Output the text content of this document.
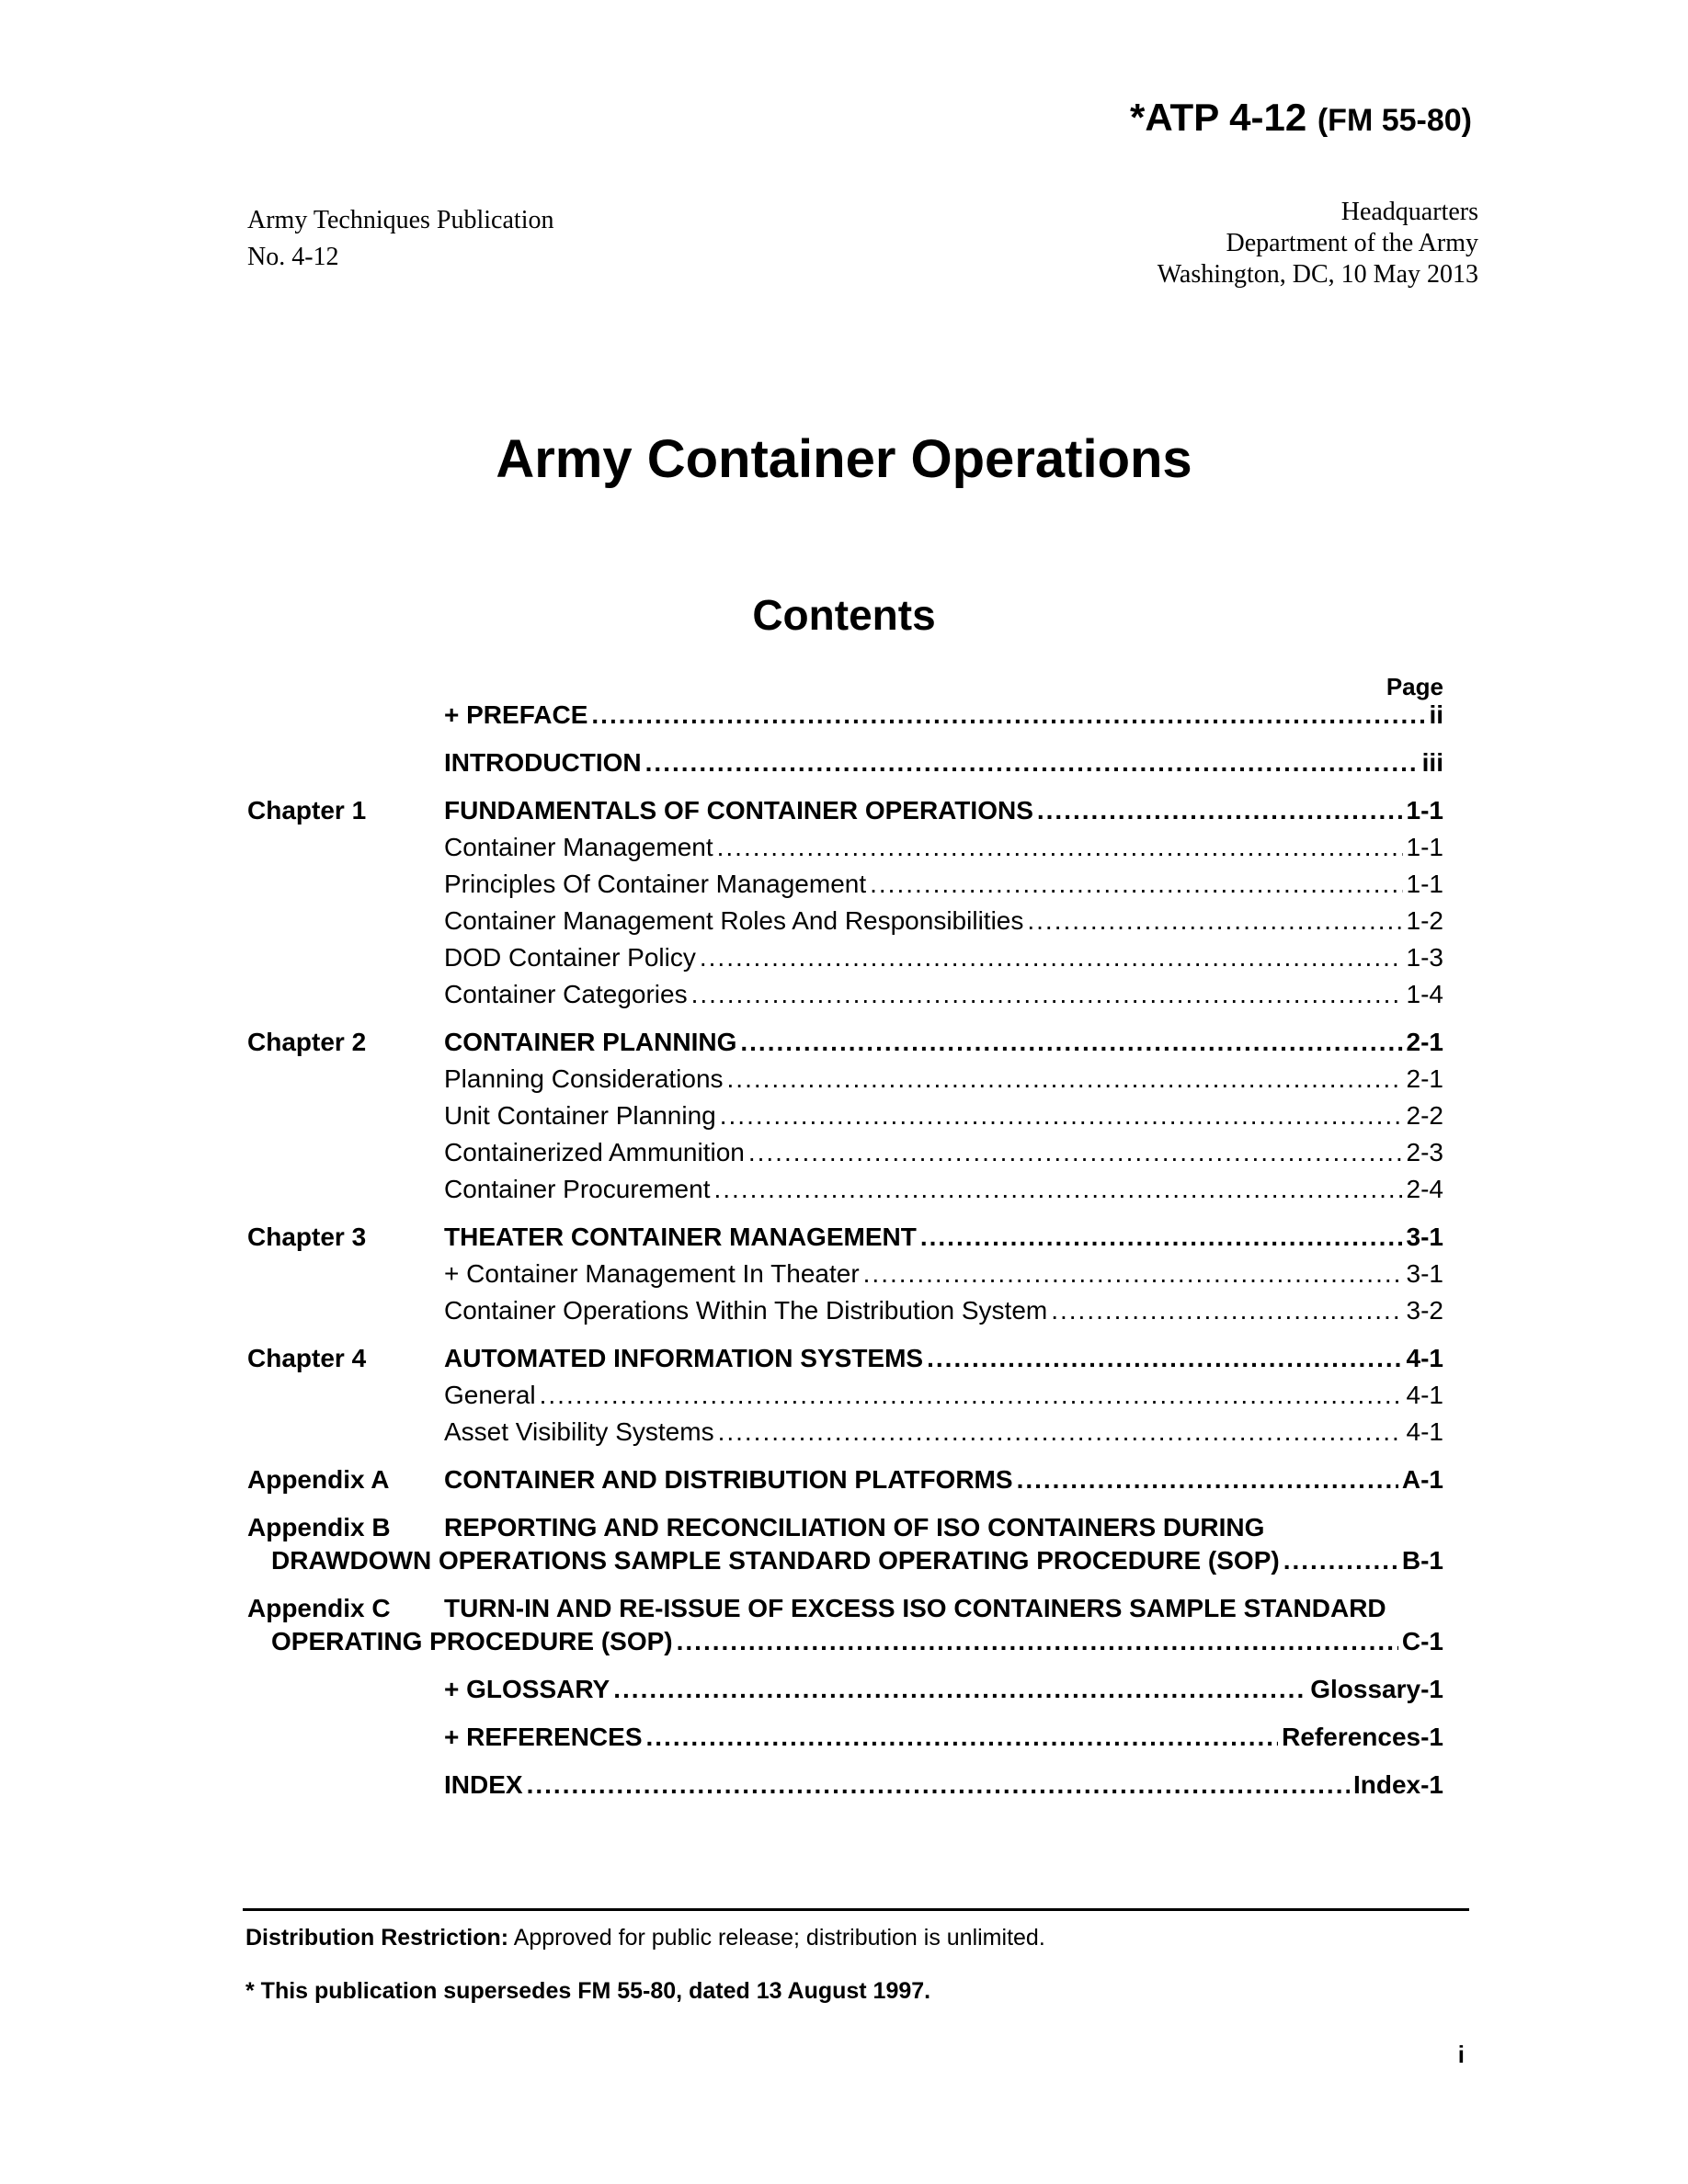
*ATP 4-12 (FM 55-80)
Army Techniques Publication
No. 4-12
Headquarters
Department of the Army
Washington, DC, 10 May 2013
Army Container Operations
Contents
Page
+ PREFACE .....	ii
INTRODUCTION .....	iii
Chapter 1	FUNDAMENTALS OF CONTAINER OPERATIONS .....	1-1
Container Management .....	1-1
Principles Of Container Management .....	1-1
Container Management Roles And Responsibilities .....	1-2
DOD Container Policy .....	1-3
Container Categories .....	1-4
Chapter 2	CONTAINER PLANNING .....	2-1
Planning Considerations .....	2-1
Unit Container Planning .....	2-2
Containerized Ammunition .....	2-3
Container Procurement .....	2-4
Chapter 3	THEATER CONTAINER MANAGEMENT .....	3-1
+ Container Management In Theater .....	3-1
Container Operations Within The Distribution System .....	3-2
Chapter 4	AUTOMATED INFORMATION SYSTEMS .....	4-1
General .....	4-1
Asset Visibility Systems .....	4-1
Appendix A CONTAINER AND DISTRIBUTION PLATFORMS .....	A-1
Appendix B REPORTING AND RECONCILIATION OF ISO CONTAINERS DURING
DRAWDOWN OPERATIONS SAMPLE STANDARD OPERATING PROCEDURE (SOP) .....	B-1
Appendix C TURN-IN AND RE-ISSUE OF EXCESS ISO CONTAINERS SAMPLE STANDARD
OPERATING PROCEDURE (SOP) .....	C-1
+ GLOSSARY .....	Glossary-1
+ REFERENCES .....	References-1
INDEX .....	Index-1
Distribution Restriction: Approved for public release; distribution is unlimited.
* This publication supersedes FM 55-80, dated 13 August 1997.
i
